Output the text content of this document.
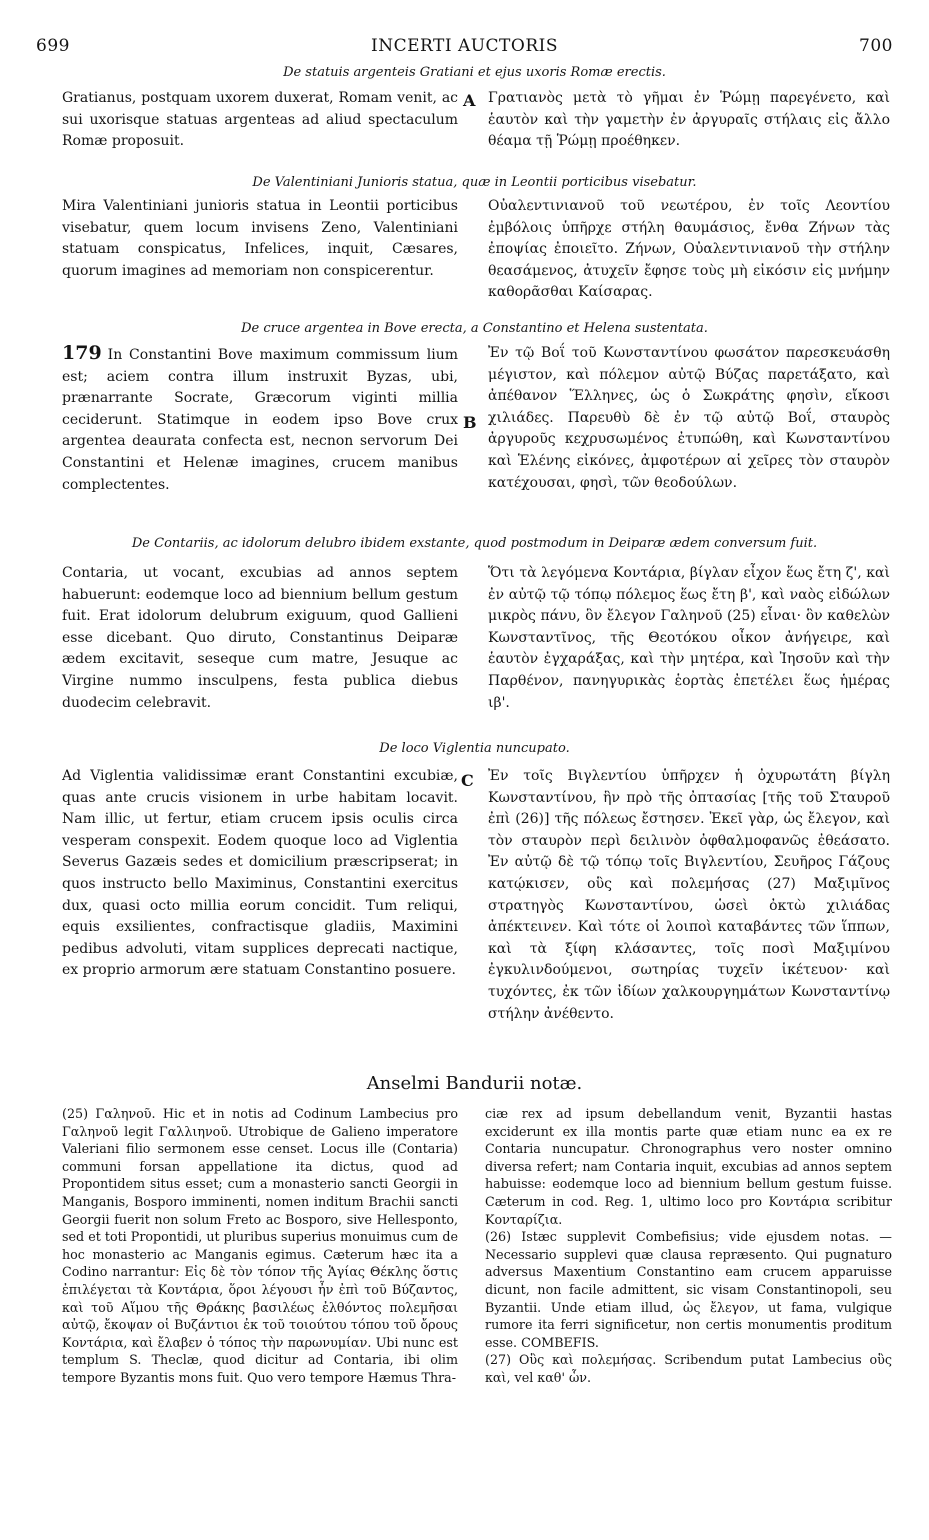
699	INCERTI AUCTORIS	700
De statuis argenteis Gratiani et ejus uxoris Romæ erectis.

Gratianus, postquam uxorem duxerat, Romam venit, ac sui uxorisque statuas argenteas ad aliud spectaculum Romæ proposuit.

A Γρατιανὸς μετὰ τὸ γῆμαι ἐν Ῥώμῃ παρεγένετο, καὶ ἑαυτὸν καὶ τὴν γαμετὴν ἐν ἀργυραῖς στήλαις εἰς ἄλλο θέαμα τῇ Ῥώμῃ προέθηκεν.

De Valentiniani Junioris statua, quæ in Leontii porticibus visebatur.

Mira Valentiniani junioris statua in Leontii porticibus visebatur, quem locum invisens Zeno, Valentiniani statuam conspicatus, Infelices, inquit, Cæsares, quorum imagines ad memoriam non conspicerentur.

Οὐαλεντινιανοῦ τοῦ νεωτέρου, ἐν τοῖς Λεοντίου ἐμβόλοις ὑπῆρχε στήλη θαυμάσιος, ἔνθα Ζήνων τὰς ἐποψίας ἐποιεῖτο. Ζήνων, Οὐαλεντινιανοῦ τὴν στήλην θεασάμενος, ἀτυχεῖν ἔφησε τοὺς μὴ εἰκόσιν εἰς μνήμην καθορᾶσθαι Καίσαρας.

De cruce argentea in Bove erecta, a Constantino et Helena sustentata.

179 In Constantini Bove maximum commissum lium est; aciem contra illum instruxit Byzas, ubi, prænarrante Socrate, Græcorum viginti millia ceciderunt. Statimque in eodem ipso Bove crux argentea deaurata confecta est, necnon servorum Dei Constantini et Helenæ imagines, crucem manibus complectentes.

B

Ἐν τῷ Βοΐ τοῦ Κωνσταντίνου φωσάτον παρεσκευάσθη μέγιστον, καὶ πόλεμον αὐτῷ Βύζας παρετάξατο, καὶ ἀπέθανον Ἕλληνες, ὡς ὁ Σωκράτης φησὶν, εἴκοσι χιλιάδες. Παρευθὺ δὲ ἐν τῷ αὐτῷ Βοΐ, σταυρὸς ἀργυροῦς κεχρυσωμένος ἐτυπώθη, καὶ Κωνσταντίνου καὶ Ἑλένης εἰκόνες, ἀμφοτέρων αἱ χεῖρες τὸν σταυρὸν κατέχουσαι, φησὶ, τῶν θεοδούλων.

De Contariis, ac idolorum delubro ibidem exstante, quod postmodum in Deiparæ ædem conversum fuit.

Contaria, ut vocant, excubias ad annos septem habuerunt: eodemque loco ad biennium bellum gestum fuit. Erat idolorum delubrum exiguum, quod Gallieni esse dicebant. Quo diruto, Constantinus Deiparæ ædem excitavit, seseque cum matre, Jesuque ac Virgine nummo insculpens, festa publica diebus duodecim celebravit.

Ὅτι τὰ λεγόμενα Κοντάρια, βίγλαν εἶχον ἕως ἔτη ζ', καὶ ἐν αὐτῷ τῷ τόπῳ πόλεμος ἕως ἔτη β', καὶ ναὸς εἰδώλων μικρὸς πάνυ, ὃν ἔλεγον Γαληνοῦ (25) εἶναι· ὃν καθελὼν Κωνσταντῖνος, τῆς Θεοτόκου οἶκον ἀνήγειρε, καὶ ἑαυτὸν ἐγχαράξας, καὶ τὴν μητέρα, καὶ Ἰησοῦν καὶ τὴν Παρθένον, πανηγυρικὰς ἑορτὰς ἐπετέλει ἕως ἡμέρας ιβ'.

De loco Viglentia nuncupato.

Ad Viglentia validissimæ erant Constantini excubiæ, quas ante crucis visionem in urbe habitam locavit. Nam illic, ut fertur, etiam crucem ipsis oculis circa vesperam conspexit. Eodem quoque loco ad Viglentia Severus Gazæis sedes et domicilium præscripserat; in quos instructo bello Maximinus, Constantini exercitus dux, quasi octo millia eorum concidit. Tum reliqui, equis exsilientes, confractisque gladiis, Maximini pedibus advoluti, vitam supplices deprecati nactique, ex proprio armorum ære statuam Constantino posuere.

C Ἐν τοῖς Βιγλεντίου ὑπῆρχεν ἡ ὀχυρωτάτη βίγλη Κωνσταντίνου, ἣν πρὸ τῆς ὀπτασίας [τῆς τοῦ Σταυροῦ ἐπὶ (26)] τῆς πόλεως ἔστησεν. Ἐκεῖ γὰρ, ὡς ἔλεγον, καὶ τὸν σταυρὸν περὶ δειλινὸν ὀφθαλμοφανῶς ἐθεάσατο. Ἐν αὐτῷ δὲ τῷ τόπῳ τοῖς Βιγλεντίου, Σευῆρος Γάζους κατῴκισεν, οὓς καὶ πολεμήσας (27) Μαξιμῖνος στρατηγὸς Κωνσταντίνου, ὡσεὶ ὀκτὼ χιλιάδας ἀπέκτεινεν. Καὶ τότε οἱ λοιποὶ καταβάντες τῶν ἵππων, καὶ τὰ ξίφη κλάσαντες, τοῖς ποσὶ Μαξιμίνου ἐγκυλινδούμενοι, σωτηρίας τυχεῖν ἱκέτευον· καὶ τυχόντες, ἐκ τῶν ἰδίων χαλκουργημάτων Κωνσταντίνῳ στήλην ἀνέθεντο.

Anselmi Bandurii notæ.

(25) Γαληνοῦ. Hic et in notis ad Codinum Lambecius pro Γαληνοῦ legit Γαλλιηνοῦ. Utrobique de Galieno imperatore Valeriani filio sermonem esse censet. Locus ille (Contaria) communi forsan appellatione ita dictus, quod ad Propontidem situs esset; cum a monasterio sancti Georgii in Manganis, Bosporo imminenti, nomen inditum Brachii sancti Georgii fuerit non solum Freto ac Bosporo, sive Hellesponto, sed et toti Propontidi, ut pluribus superius monuimus cum de hoc monasterio ac Manganis egimus. Cæterum hæc ita a Codino narrantur: Εἰς δὲ τὸν τόπον τῆς Ἁγίας Θέκλης ὅστις ἐπιλέγεται τὰ Κοντάρια, ὅροι λέγουσι ἦν ἐπὶ τοῦ Βύζαντος, καὶ τοῦ Αἵμου τῆς Θράκης βασιλέως ἐλθόντος πολεμῆσαι αὐτῷ, ἔκοψαν οἱ Βυζάντιοι ἐκ τοῦ τοιούτου τόπου τοῦ ὄρους Κοντάρια, καὶ ἔλαβεν ὁ τόπος τὴν παρωνυμίαν. Ubi nunc est templum S. Theclæ, quod dicitur ad Contaria, ibi olim tempore Byzantis mons fuit. Quo vero tempore Hæmus Thra-

ciæ rex ad ipsum debellandum venit, Byzantii hastas exciderunt ex illa montis parte quæ etiam nunc ea ex re Contaria nuncupatur. Chronographus vero noster omnino diversa refert; nam Contaria inquit, excubias ad annos septem habuisse: eodemque loco ad biennium bellum gestum fuisse. Cæterum in cod. Reg. 1, ultimo loco pro Κοντάρια scribitur Κονταρίζια.

(26) Istæc supplevit Combefisius; vide ejusdem notas. — Necessario supplevi quæ clausa repræsento. Qui pugnaturo adversus Maxentium Constantino eam crucem apparuisse dicunt, non facile admittent, sic visam Constantinopoli, seu Byzantii. Unde etiam illud, ὡς ἔλεγον, ut fama, vulgique rumore ita ferri significetur, non certis monumentis proditum esse. COMBEFIS.

(27) Οὓς καὶ πολεμήσας. Scribendum putat Lambecius οὓς καὶ, vel καθ' ὧν.
